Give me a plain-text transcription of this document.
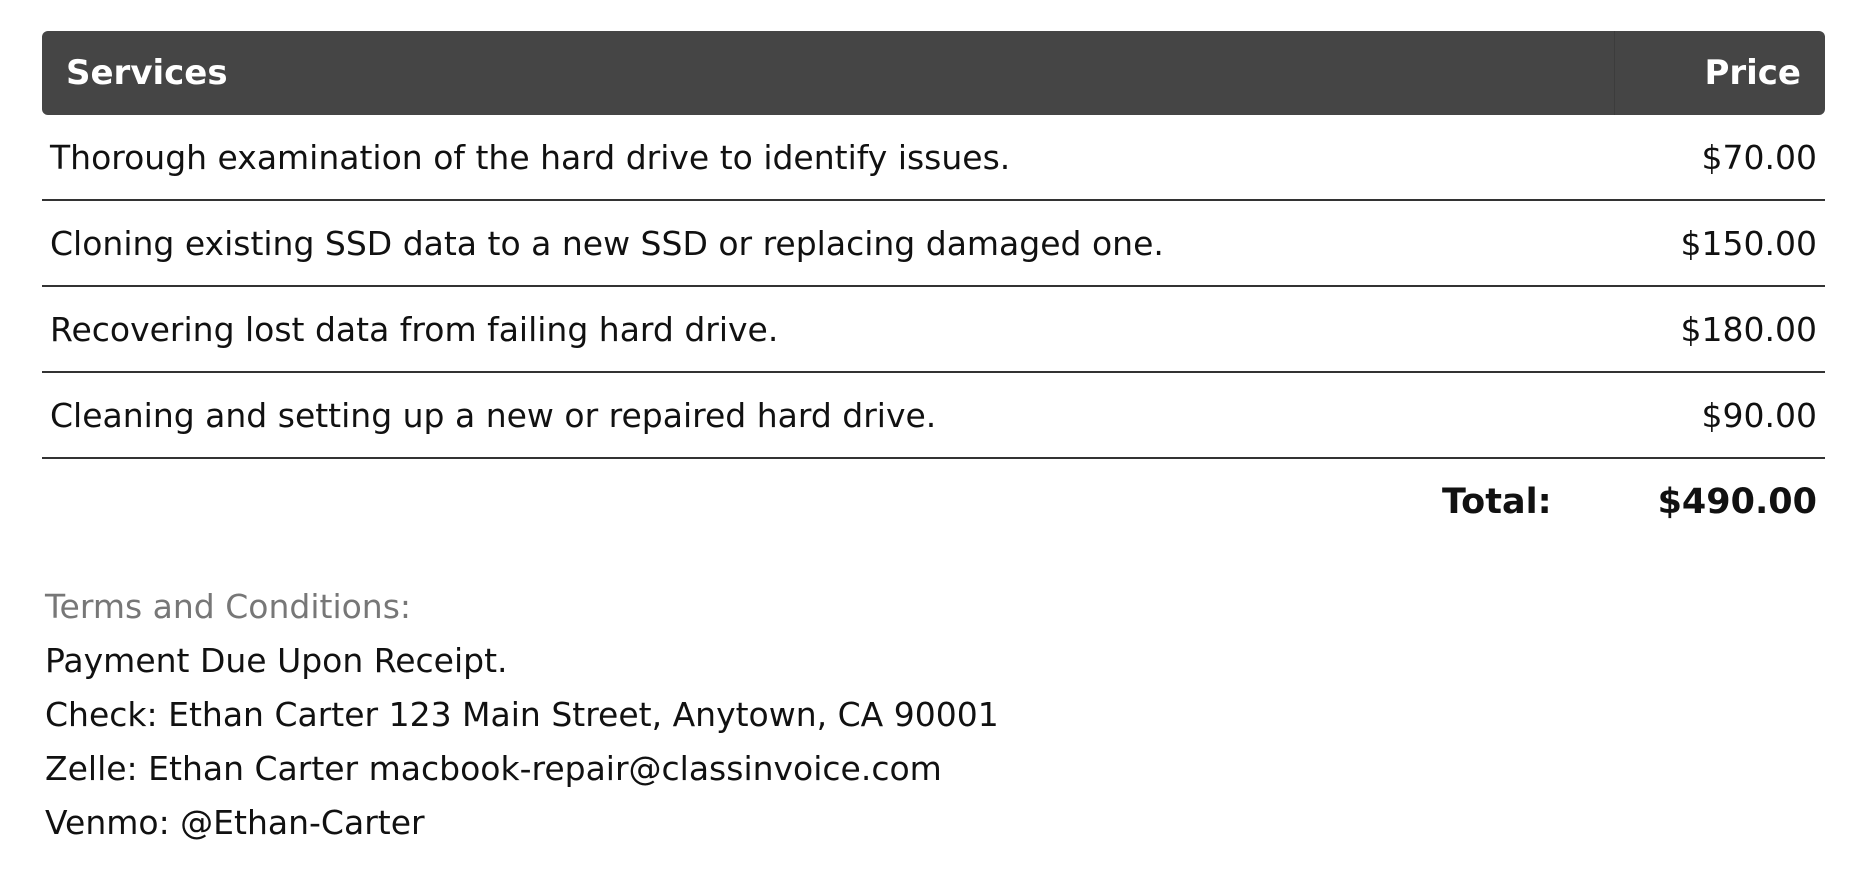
Services	Price
Thorough examination of the hard drive to identify issues.	$70.00
Cloning existing SSD data to a new SSD or replacing damaged one.	$150.00
Recovering lost data from failing hard drive.	$180.00
Cleaning and setting up a new or repaired hard drive.	$90.00
Total:	$490.00
Terms and Conditions:
Payment Due Upon Receipt.
Check: Ethan Carter 123 Main Street, Anytown, CA 90001
Zelle: Ethan Carter macbook-repair@classinvoice.com
Venmo: @Ethan-Carter
